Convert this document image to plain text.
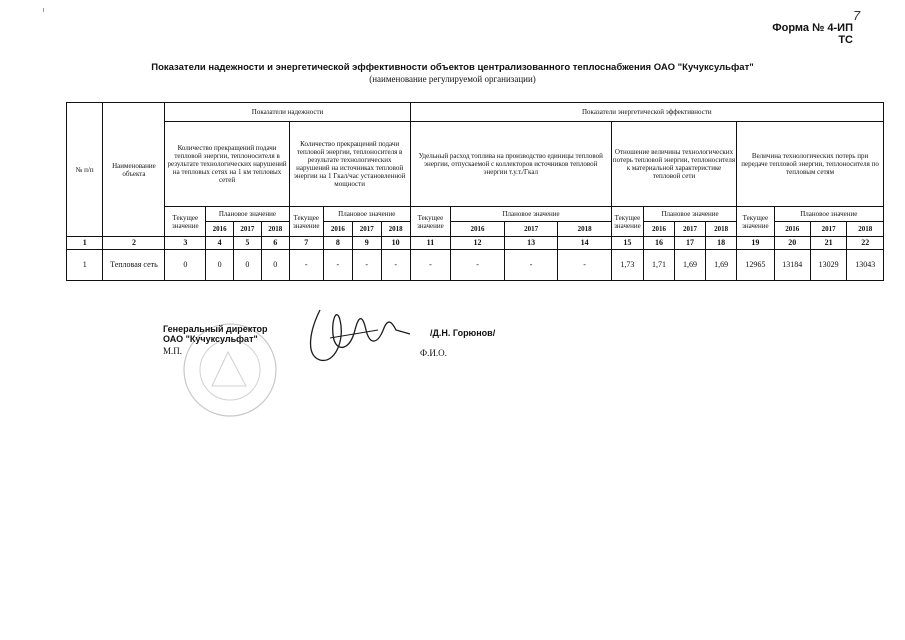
7
Форма № 4-ИП
ТС
Показатели надежности и энергетической эффективности объектов централизованного теплоснабжения ОАО "Кучуксульфат"
(наименование регулируемой организации)
№ п/п	Наименование объекта	Показатели надежности								Показатели энергетической эффективности											
		Количество прекращений подачи тепловой энергии, теплоносителя в результате технологических нарушений на тепловых сетях на 1 км тепловых сетей				Количество прекращений подачи тепловой энергии, теплоносителя в результате технологических нарушений на источниках тепловой энергии на 1 Гкал/час установленной мощности				Удельный расход топлива на производство единицы тепловой энергии, отпускаемой с коллекторов источников тепловой энергии т.у.т./Гкал				Отношение величины технологических потерь тепловой энергии, теплоносителя к материальной характеристике тепловой сети				Величина технологических потерь при передаче тепловой энергии, теплоносителя по тепловым сетям			
		Текущее значение	Плановое значение			Текущее значение	Плановое значение			Текущее значение	Плановое значение			Текущее значение	Плановое значение			Текущее значение	Плановое значение		
			2016	2017	2018		2016	2017	2018		2016	2017	2018		2016	2017	2018		2016	2017	2018
1	2	3	4	5	6	7	8	9	10	11	12	13	14	15	16	17	18	19	20	21	22
1	Тепловая сеть	0	0	0	0	-	-	-	-	-	-	-	-	1,73	1,71	1,69	1,69	12965	13184	13029	13043
Генеральный директор
ОАО "Кучуксульфат"
М.П.
/Д.Н. Горюнов/
Ф.И.О.
